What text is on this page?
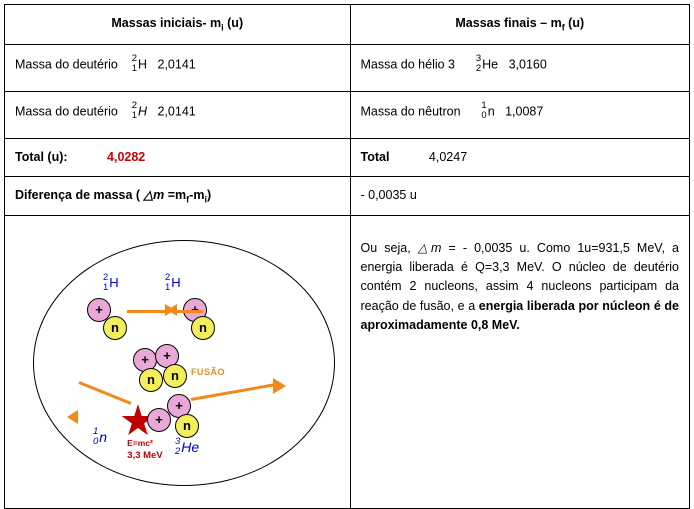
Massas iniciais- $m_i$ (u)	Massas finais – $m_f$ (u)
Massa do deutério 2
1 H 2,0141	Massa do hélio 3 3
2 He 3,0160
Massa do deutério 2
1 H 2,0141	Massa do nêutron 1
0 n 1,0087
Total (u): 4,0282	Total 4,0247
Diferença de massa ( △m $=m_f-m_i$)	- 0,0035 u

2
1 H	2
1 H
+
n
+
n
+	+
n	n	FUSÃO
+
+	n
1
0 n	3
2 He
E=mc²
3,3 MeV

Ou seja, △m = - 0,0035 u. Como 1u=931,5 MeV, a energia liberada é Q=3,3 MeV. O núcleo de deutério contém 2 nucleons, assim 4 nucleons participam da reação de fusão, e a energia liberada por núcleon é de aproximadamente 0,8 MeV.
